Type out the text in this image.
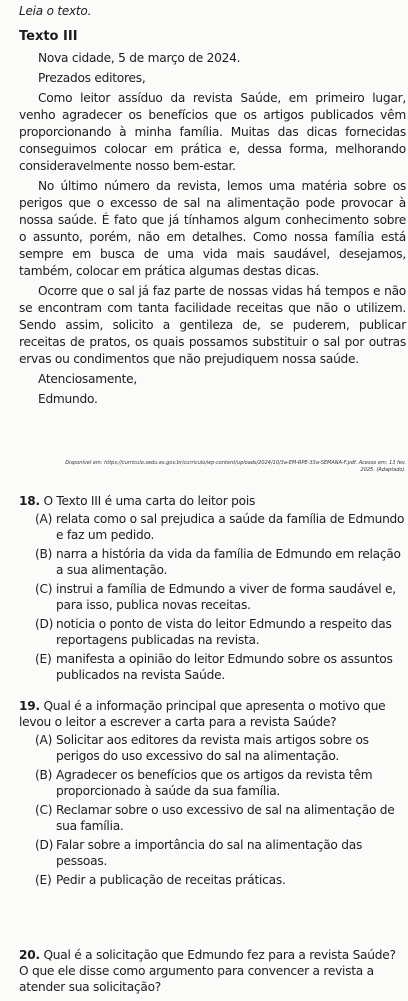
Leia o texto.
Texto III

Nova cidade, 5 de março de 2024.

Prezados editores,

Como leitor assíduo da revista Saúde, em primeiro lugar, venho agradecer os benefícios que os artigos publicados vêm proporcionando à minha família. Muitas das dicas fornecidas conseguimos colocar em prática e, dessa forma, melhorando consideravelmente nosso bem-estar.

No último número da revista, lemos uma matéria sobre os perigos que o excesso de sal na alimentação pode provocar à nossa saúde. É fato que já tínhamos algum conhecimento sobre o assunto, porém, não em detalhes. Como nossa família está sempre em busca de uma vida mais saudável, desejamos, também, colocar em prática algumas destas dicas.

Ocorre que o sal já faz parte de nossas vidas há tempos e não se encontram com tanta facilidade receitas que não o utilizem. Sendo assim, solicito a gentileza de, se puderem, publicar receitas de pratos, os quais possamos substituir o sal por outras ervas ou condimentos que não prejudiquem nossa saúde.

Atenciosamente,

Edmundo.

Disponível em: https://curriculo.sedu.es.gov.br/curriculo/wp-content/uploads/2024/10/3a-EM-RPE-33a-SEMANA-F.pdf. Acesso em: 13 fev. 2025. (Adaptado).

18. O Texto III é uma carta do leitor pois

(A) relata como o sal prejudica a saúde da família de Edmundo e faz um pedido.
(B) narra a história da vida da família de Edmundo em relação a sua alimentação.
(C) instrui a família de Edmundo a viver de forma saudável e, para isso, publica novas receitas.
(D) noticia o ponto de vista do leitor Edmundo a respeito das reportagens publicadas na revista.
(E) manifesta a opinião do leitor Edmundo sobre os assuntos publicados na revista Saúde.

19. Qual é a informação principal que apresenta o motivo que levou o leitor a escrever a carta para a revista Saúde?

(A) Solicitar aos editores da revista mais artigos sobre os perigos do uso excessivo do sal na alimentação.
(B) Agradecer os benefícios que os artigos da revista têm proporcionado à saúde da sua família.
(C) Reclamar sobre o uso excessivo de sal na alimentação de sua família.
(D) Falar sobre a importância do sal na alimentação das pessoas.
(E) Pedir a publicação de receitas práticas.

20. Qual é a solicitação que Edmundo fez para a revista Saúde? O que ele disse como argumento para convencer a revista a atender sua solicitação?
